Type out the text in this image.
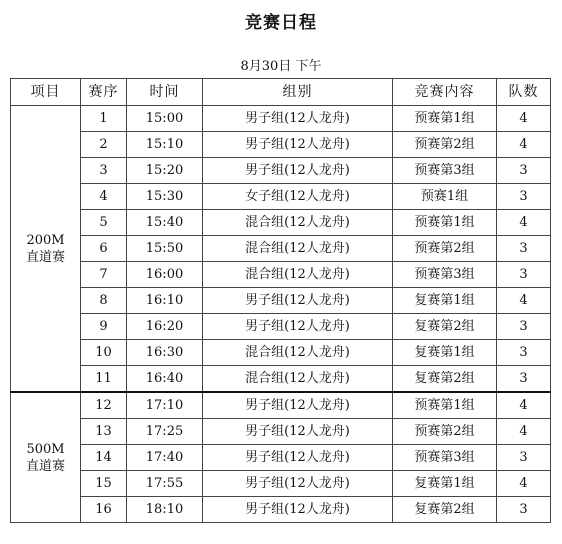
竞赛日程
8月30日 下午
项目	赛序	时间	组别	竞赛内容	队数

200M
直道赛	1	15:00	男子组(12人龙舟)	预赛第1组	4
	2	15:10	男子组(12人龙舟)	预赛第2组	4
	3	15:20	男子组(12人龙舟)	预赛第3组	3
	4	15:30	女子组(12人龙舟)	预赛1组	3
	5	15:40	混合组(12人龙舟)	预赛第1组	4
	6	15:50	混合组(12人龙舟)	预赛第2组	3
	7	16:00	混合组(12人龙舟)	预赛第3组	3
	8	16:10	男子组(12人龙舟)	复赛第1组	4
	9	16:20	男子组(12人龙舟)	复赛第2组	3
	10	16:30	混合组(12人龙舟)	复赛第1组	3
	11	16:40	混合组(12人龙舟)	复赛第2组	3

500M
直道赛	12	17:10	男子组(12人龙舟)	预赛第1组	4
	13	17:25	男子组(12人龙舟)	预赛第2组	4
	14	17:40	男子组(12人龙舟)	预赛第3组	3
	15	17:55	男子组(12人龙舟)	复赛第1组	4
	16	18:10	男子组(12人龙舟)	复赛第2组	3
